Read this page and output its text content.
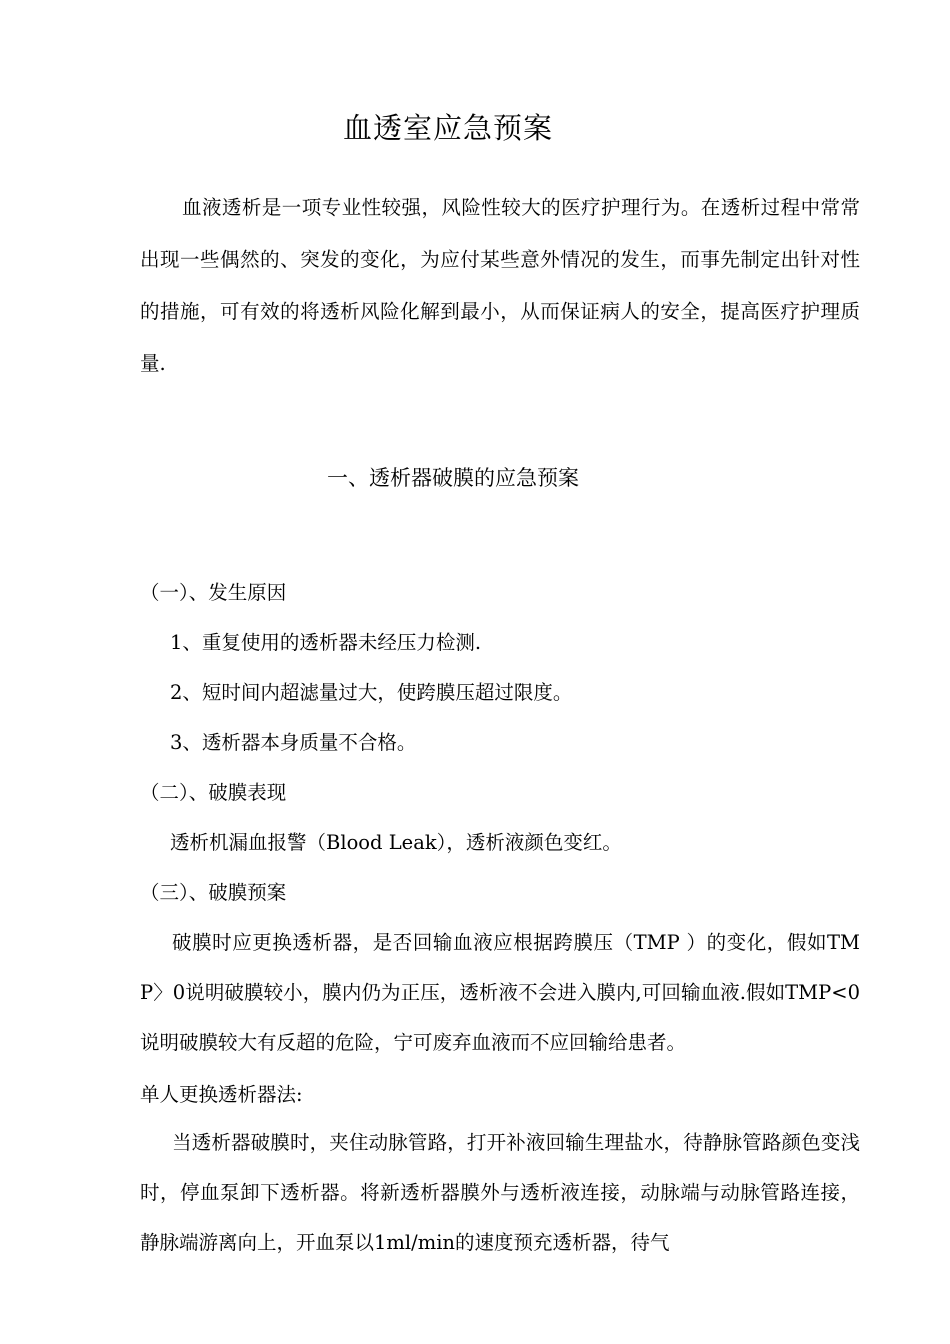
血透室应急预案
血液透析是一项专业性较强，风险性较大的医疗护理行为。在透析过程中常常出现一些偶然的、突发的变化，为应付某些意外情况的发生，而事先制定出针对性的措施，可有效的将透析风险化解到最小，从而保证病人的安全，提高医疗护理质量.
一、透析器破膜的应急预案
（一）、发生原因
1、重复使用的透析器未经压力检测.
2、短时间内超滤量过大，使跨膜压超过限度。
3、透析器本身质量不合格。
（二）、破膜表现
透析机漏血报警（Blood Leak），透析液颜色变红。
（三）、破膜预案
破膜时应更换透析器，是否回输血液应根据跨膜压（TMP ）的变化，假如TMP〉0说明破膜较小，膜内仍为正压，透析液不会进入膜内,可回输血液.假如TMP<0说明破膜较大有反超的危险，宁可废弃血液而不应回输给患者。
单人更换透析器法:
当透析器破膜时，夹住动脉管路，打开补液回输生理盐水，待静脉管路颜色变浅时，停血泵卸下透析器。将新透析器膜外与透析液连接，动脉端与动脉管路连接，静脉端游离向上，开血泵以1ml/min的速度预充透析器，待气
